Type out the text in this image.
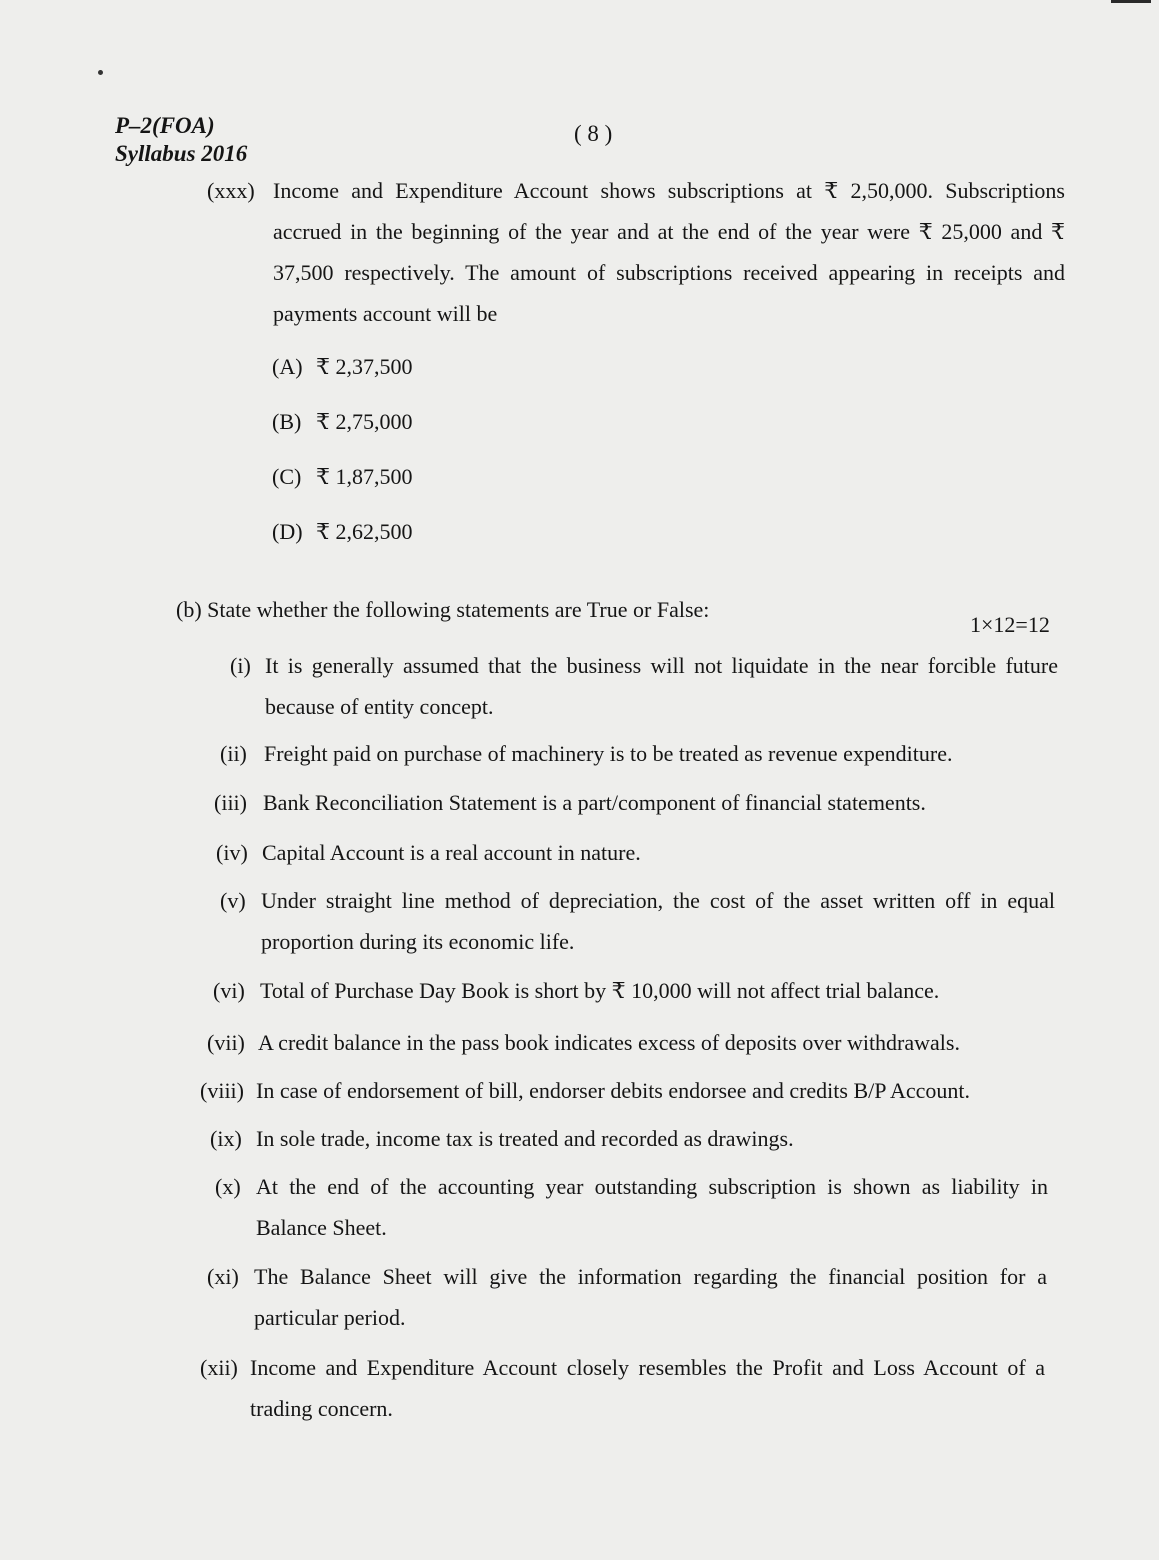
P–2(FOA)
Syllabus 2016
( 8 )
(xxx) Income and Expenditure Account shows subscriptions at ₹ 2,50,000. Subscriptions accrued in the beginning of the year and at the end of the year were ₹ 25,000 and ₹ 37,500 respectively. The amount of subscriptions received appearing in receipts and payments account will be
(A) ₹ 2,37,500
(B) ₹ 2,75,000
(C) ₹ 1,87,500
(D) ₹ 2,62,500
(b) State whether the following statements are True or False:
1×12=12
(i) It is generally assumed that the business will not liquidate in the near forcible future because of entity concept.
(ii) Freight paid on purchase of machinery is to be treated as revenue expenditure.
(iii) Bank Reconciliation Statement is a part/component of financial statements.
(iv) Capital Account is a real account in nature.
(v) Under straight line method of depreciation, the cost of the asset written off in equal proportion during its economic life.
(vi) Total of Purchase Day Book is short by ₹ 10,000 will not affect trial balance.
(vii) A credit balance in the pass book indicates excess of deposits over withdrawals.
(viii) In case of endorsement of bill, endorser debits endorsee and credits B/P Account.
(ix) In sole trade, income tax is treated and recorded as drawings.
(x) At the end of the accounting year outstanding subscription is shown as liability in Balance Sheet.
(xi) The Balance Sheet will give the information regarding the financial position for a particular period.
(xii) Income and Expenditure Account closely resembles the Profit and Loss Account of a trading concern.
